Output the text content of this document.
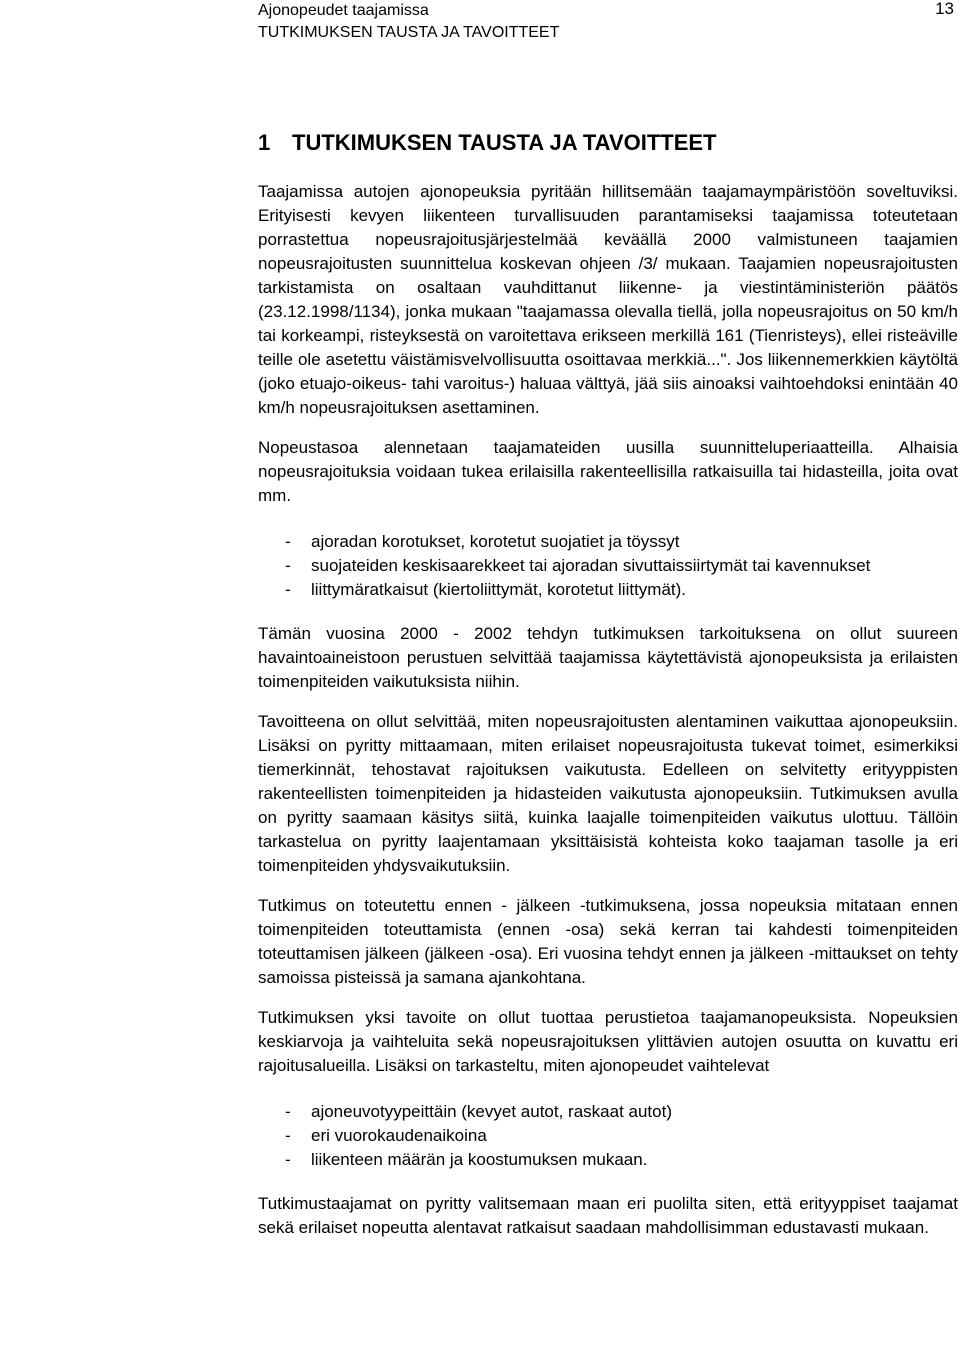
Ajonopeudet taajamissa
TUTKIMUKSEN TAUSTA JA TAVOITTEET
13
1 TUTKIMUKSEN TAUSTA JA TAVOITTEET

Taajamissa autojen ajonopeuksia pyritään hillitsemään taajamaympäristöön soveltuviksi. Erityisesti kevyen liikenteen turvallisuuden parantamiseksi taajamissa toteutetaan porrastettua nopeusrajoitusjärjestelmää keväällä 2000 valmistuneen taajamien nopeusrajoitusten suunnittelua koskevan ohjeen /3/ mukaan. Taajamien nopeusrajoitusten tarkistamista on osaltaan vauhdittanut liikenne- ja viestintäministeriön päätös (23.12.1998/1134), jonka mukaan "taajamassa olevalla tiellä, jolla nopeusrajoitus on 50 km/h tai korkeampi, risteyksestä on varoitettava erikseen merkillä 161 (Tienristeys), ellei risteäville teille ole asetettu väistämisvelvollisuutta osoittavaa merkkiä...". Jos liikennemerkkien käytöltä (joko etuajo-oikeus- tahi varoitus-) haluaa välttyä, jää siis ainoaksi vaihtoehdoksi enintään 40 km/h nopeusrajoituksen asettaminen.

Nopeustasoa alennetaan taajamateiden uusilla suunnitteluperiaatteilla. Alhaisia nopeusrajoituksia voidaan tukea erilaisilla rakenteellisilla ratkaisuilla tai hidasteilla, joita ovat mm.

- ajoradan korotukset, korotetut suojatiet ja töyssyt
- suojateiden keskisaarekkeet tai ajoradan sivuttaissiirtymät tai kavennukset
- liittymäratkaisut (kiertoliittymät, korotetut liittymät).

Tämän vuosina 2000 - 2002 tehdyn tutkimuksen tarkoituksena on ollut suureen havaintoaineistoon perustuen selvittää taajamissa käytettävistä ajonopeuksista ja erilaisten toimenpiteiden vaikutuksista niihin.

Tavoitteena on ollut selvittää, miten nopeusrajoitusten alentaminen vaikuttaa ajonopeuksiin. Lisäksi on pyritty mittaamaan, miten erilaiset nopeusrajoitusta tukevat toimet, esimerkiksi tiemerkinnät, tehostavat rajoituksen vaikutusta. Edelleen on selvitetty erityyppisten rakenteellisten toimenpiteiden ja hidasteiden vaikutusta ajonopeuksiin. Tutkimuksen avulla on pyritty saamaan käsitys siitä, kuinka laajalle toimenpiteiden vaikutus ulottuu. Tällöin tarkastelua on pyritty laajentamaan yksittäisistä kohteista koko taajaman tasolle ja eri toimenpiteiden yhdysvaikutuksiin.

Tutkimus on toteutettu ennen - jälkeen -tutkimuksena, jossa nopeuksia mitataan ennen toimenpiteiden toteuttamista (ennen -osa) sekä kerran tai kahdesti toimenpiteiden toteuttamisen jälkeen (jälkeen -osa). Eri vuosina tehdyt ennen ja jälkeen -mittaukset on tehty samoissa pisteissä ja samana ajankohtana.

Tutkimuksen yksi tavoite on ollut tuottaa perustietoa taajamanopeuksista. Nopeuksien keskiarvoja ja vaihteluita sekä nopeusrajoituksen ylittävien autojen osuutta on kuvattu eri rajoitusalueilla. Lisäksi on tarkasteltu, miten ajonopeudet vaihtelevat

- ajoneuvotyypeittäin (kevyet autot, raskaat autot)
- eri vuorokaudenaikoina
- liikenteen määrän ja koostumuksen mukaan.

Tutkimustaajamat on pyritty valitsemaan maan eri puolilta siten, että erityyppiset taajamat sekä erilaiset nopeutta alentavat ratkaisut saadaan mahdollisimman edustavasti mukaan.
